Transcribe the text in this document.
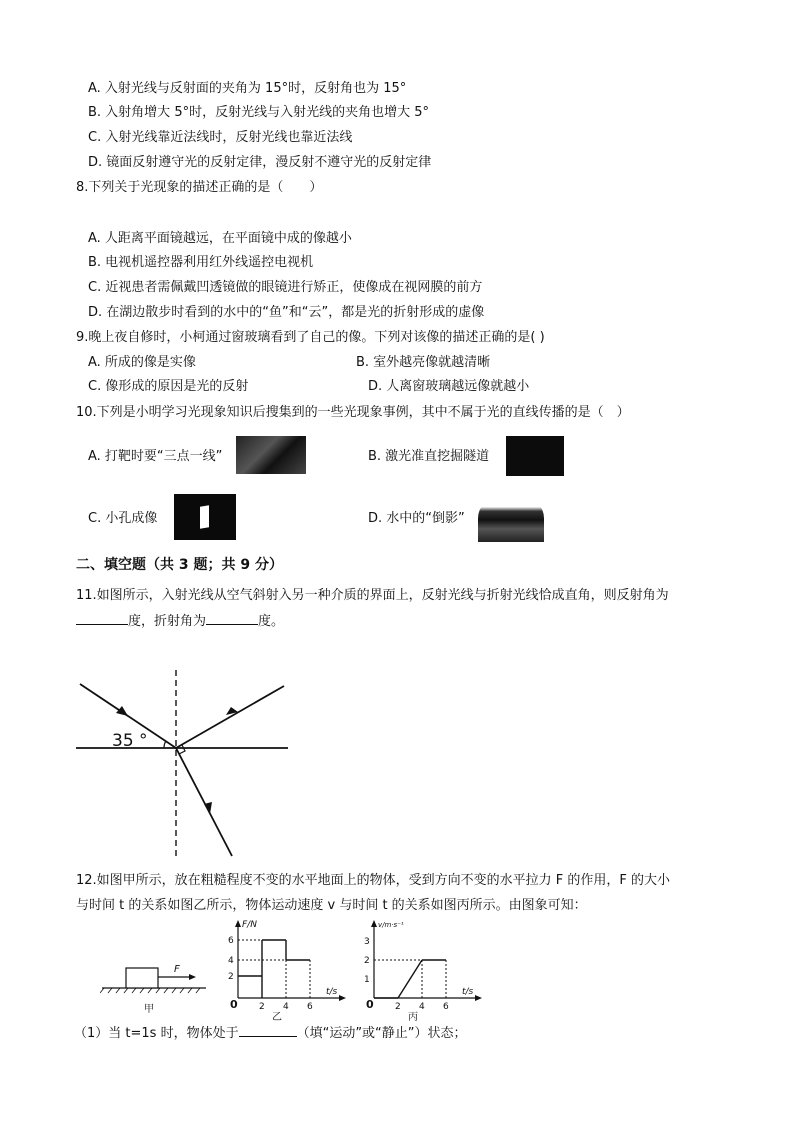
A. 入射光线与反射面的夹角为 15°时，反射角也为 15°
B. 入射角增大 5°时，反射光线与入射光线的夹角也增大 5°
C. 入射光线靠近法线时，反射光线也靠近法线
D. 镜面反射遵守光的反射定律，漫反射不遵守光的反射定律
8.下列关于光现象的描述正确的是（　　）
A. 人距离平面镜越远，在平面镜中成的像越小
B. 电视机遥控器利用红外线遥控电视机
C. 近视患者需佩戴凹透镜做的眼镜进行矫正，使像成在视网膜的前方
D. 在湖边散步时看到的水中的“鱼”和“云”，都是光的折射形成的虚像
9.晚上夜自修时，小柯通过窗玻璃看到了自己的像。下列对该像的描述正确的是( )
A. 所成的像是实像	B. 室外越亮像就越清晰
C. 像形成的原因是光的反射	D. 人离窗玻璃越远像就越小
10.下列是小明学习光现象知识后搜集到的一些光现象事例，其中不属于光的直线传播的是（　）
A. 打靶时要“三点一线”	B. 激光准直挖掘隧道
C. 小孔成像	D. 水中的“倒影”
二、填空题（共 3 题；共 9 分）
11.如图所示，入射光线从空气斜射入另一种介质的界面上，反射光线与折射光线恰成直角，则反射角为
度，折射角为	度。
35 °
12.如图甲所示，放在粗糙程度不变的水平地面上的物体，受到方向不变的水平拉力 F 的作用，F 的大小
与时间 t 的关系如图乙所示，物体运动速度 v 与时间 t 的关系如图丙所示。由图象可知：
F
甲
F/N
t/s
0
2
4
6
2 4 6
乙
v/m·s⁻¹
t/s
0
1
2
3
2 4 6
丙
（1）当 t=1s 时，物体处于	（填“运动”或“静止”）状态；
